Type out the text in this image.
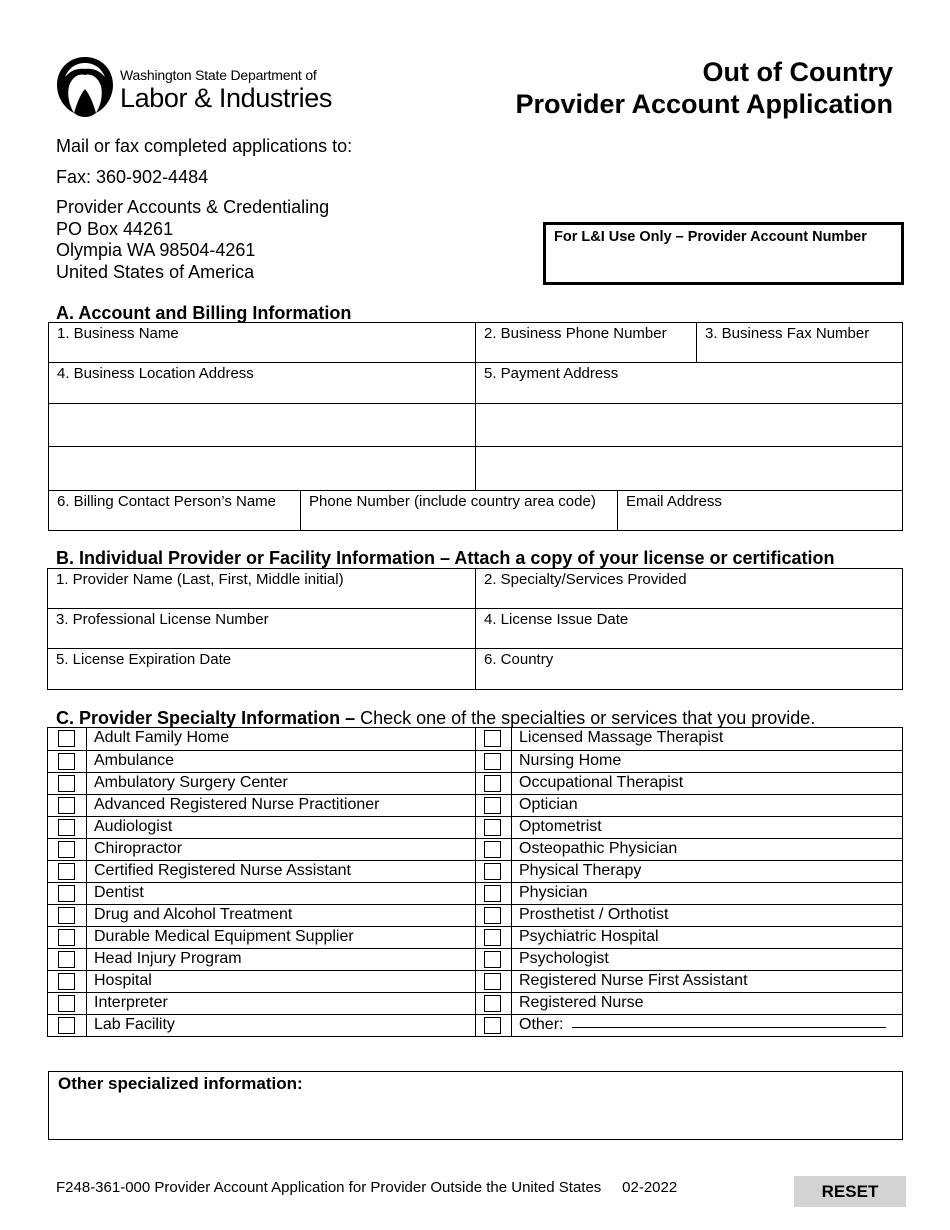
Washington State Department of
Labor & Industries
Out of Country
Provider Account Application
Mail or fax completed applications to:
Fax: 360-902-4484
Provider Accounts & Credentialing
PO Box 44261
Olympia WA 98504-4261
United States of America
For L&I Use Only – Provider Account Number
A. Account and Billing Information
1. Business Name	2. Business Phone Number	3. Business Fax Number
4. Business Location Address	5. Payment Address
6. Billing Contact Person’s Name	Phone Number (include country area code)	Email Address
B. Individual Provider or Facility Information – Attach a copy of your license or certification
1. Provider Name (Last, First, Middle initial)	2. Specialty/Services Provided
3. Professional License Number	4. License Issue Date
5. License Expiration Date	6. Country
C. Provider Specialty Information – Check one of the specialties or services that you provide.
Adult Family Home	Licensed Massage Therapist
Ambulance	Nursing Home
Ambulatory Surgery Center	Occupational Therapist
Advanced Registered Nurse Practitioner	Optician
Audiologist	Optometrist
Chiropractor	Osteopathic Physician
Certified Registered Nurse Assistant	Physical Therapy
Dentist	Physician
Drug and Alcohol Treatment	Prosthetist / Orthotist
Durable Medical Equipment Supplier	Psychiatric Hospital
Head Injury Program	Psychologist
Hospital	Registered Nurse First Assistant
Interpreter	Registered Nurse
Lab Facility	Other:
Other specialized information:
F248-361-000 Provider Account Application for Provider Outside the United States 02-2022	RESET
